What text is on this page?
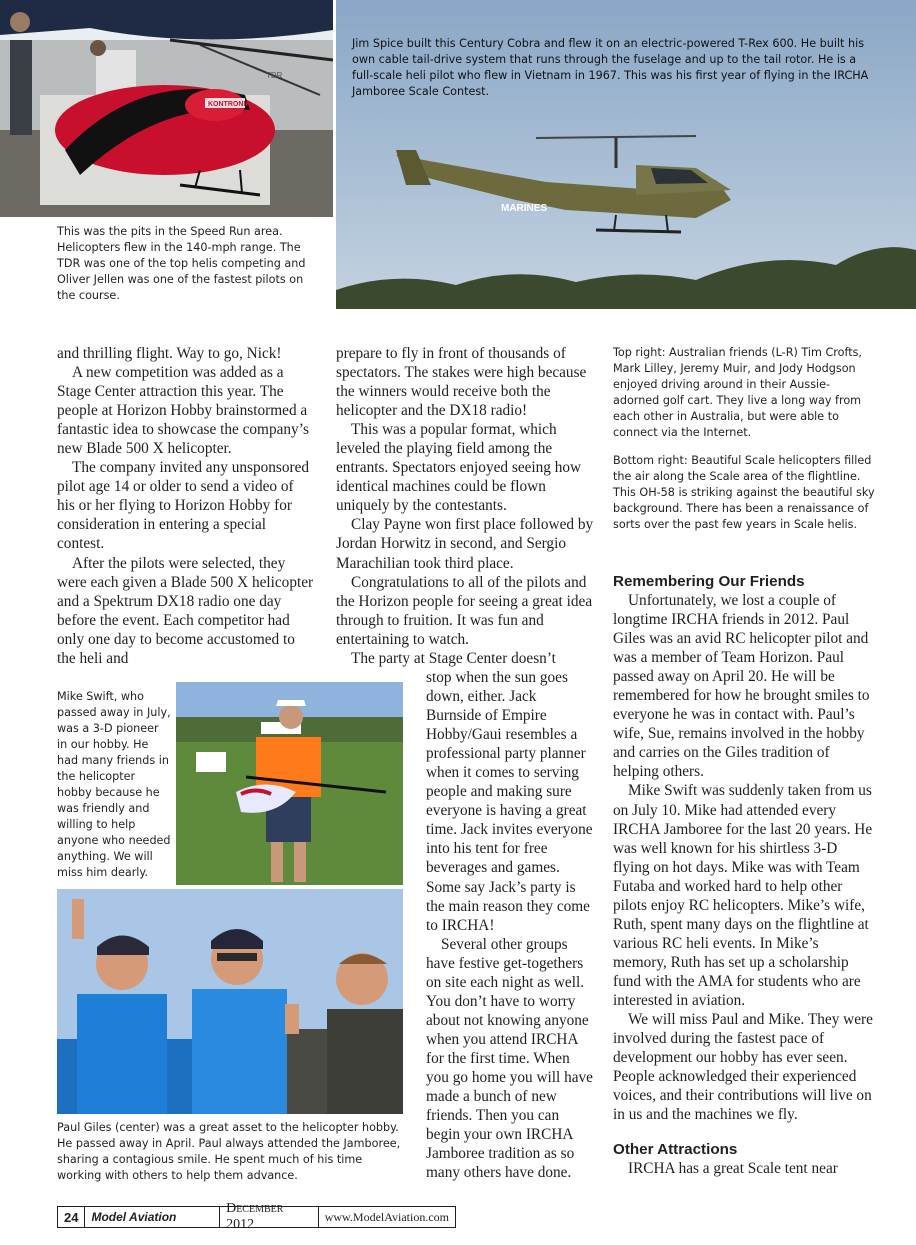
KONTRONIK
TDR

This was the pits in the Speed Run area. Helicopters flew in the 140-mph range. The TDR was one of the top helis competing and Oliver Jellen was one of the fastest pilots on the course.

MARINES

Jim Spice built this Century Cobra and flew it on an electric-powered T-Rex 600. He built his own cable tail-drive system that runs through the fuselage and up to the tail rotor. He is a full-scale heli pilot who flew in Vietnam in 1967. This was his first year of flying in the IRCHA Jamboree Scale Contest.

and thrilling flight. Way to go, Nick!

A new competition was added as a Stage Center attraction this year. The people at Horizon Hobby brainstormed a fantastic idea to showcase the company’s new Blade 500 X helicopter.

The company invited any unsponsored pilot age 14 or older to send a video of his or her flying to Horizon Hobby for consideration in entering a special contest.

After the pilots were selected, they were each given a Blade 500 X helicopter and a Spektrum DX18 radio one day before the event. Each competitor had only one day to become accustomed to the heli and

Mike Swift, who passed away in July, was a 3-D pioneer in our hobby. He had many friends in the helicopter hobby because he was friendly and willing to help anyone who needed anything. We will miss him dearly.

Paul Giles (center) was a great asset to the helicopter hobby. He passed away in April. Paul always attended the Jamboree, sharing a contagious smile. He spent much of his time working with others to help them advance.

prepare to fly in front of thousands of spectators. The stakes were high because the winners would receive both the helicopter and the DX18 radio!

This was a popular format, which leveled the playing field among the entrants. Spectators enjoyed seeing how identical machines could be flown uniquely by the contestants.

Clay Payne won first place followed by Jordan Horwitz in second, and Sergio Marachilian took third place.

Congratulations to all of the pilots and the Horizon people for seeing a great idea through to fruition. It was fun and entertaining to watch.

The party at Stage Center doesn’t

stop when the sun goes down, either. Jack Burnside of Empire Hobby/Gaui resembles a professional party planner when it comes to serving people and making sure everyone is having a great time. Jack invites everyone into his tent for free beverages and games. Some say Jack’s party is the main reason they come to IRCHA!

Several other groups have festive get-togethers on site each night as well. You don’t have to worry about not knowing anyone when you attend IRCHA for the first time. When you go home you will have made a bunch of new friends. Then you can begin your own IRCHA Jamboree tradition as so many others have done.

Top right: Australian friends (L-R) Tim Crofts, Mark Lilley, Jeremy Muir, and Jody Hodgson enjoyed driving around in their Aussie-adorned golf cart. They live a long way from each other in Australia, but were able to connect via the Internet.

Bottom right: Beautiful Scale helicopters filled the air along the Scale area of the flightline. This OH-58 is striking against the beautiful sky background. There has been a renaissance of sorts over the past few years in Scale helis.

Remembering Our Friends

Unfortunately, we lost a couple of longtime IRCHA friends in 2012. Paul Giles was an avid RC helicopter pilot and was a member of Team Horizon. Paul passed away on April 20. He will be remembered for how he brought smiles to everyone he was in contact with. Paul’s wife, Sue, remains involved in the hobby and carries on the Giles tradition of helping others.

Mike Swift was suddenly taken from us on July 10. Mike had attended every IRCHA Jamboree for the last 20 years. He was well known for his shirtless 3-D flying on hot days. Mike was with Team Futaba and worked hard to help other pilots enjoy RC helicopters. Mike’s wife, Ruth, spent many days on the flightline at various RC heli events. In Mike’s memory, Ruth has set up a scholarship fund with the AMA for students who are interested in aviation.

We will miss Paul and Mike. They were involved during the fastest pace of development our hobby has ever seen. People acknowledged their experienced voices, and their contributions will live on in us and the machines we fly.

Other Attractions

IRCHA has a great Scale tent near

24	Model Aviation
December 2012
www.ModelAviation.com
